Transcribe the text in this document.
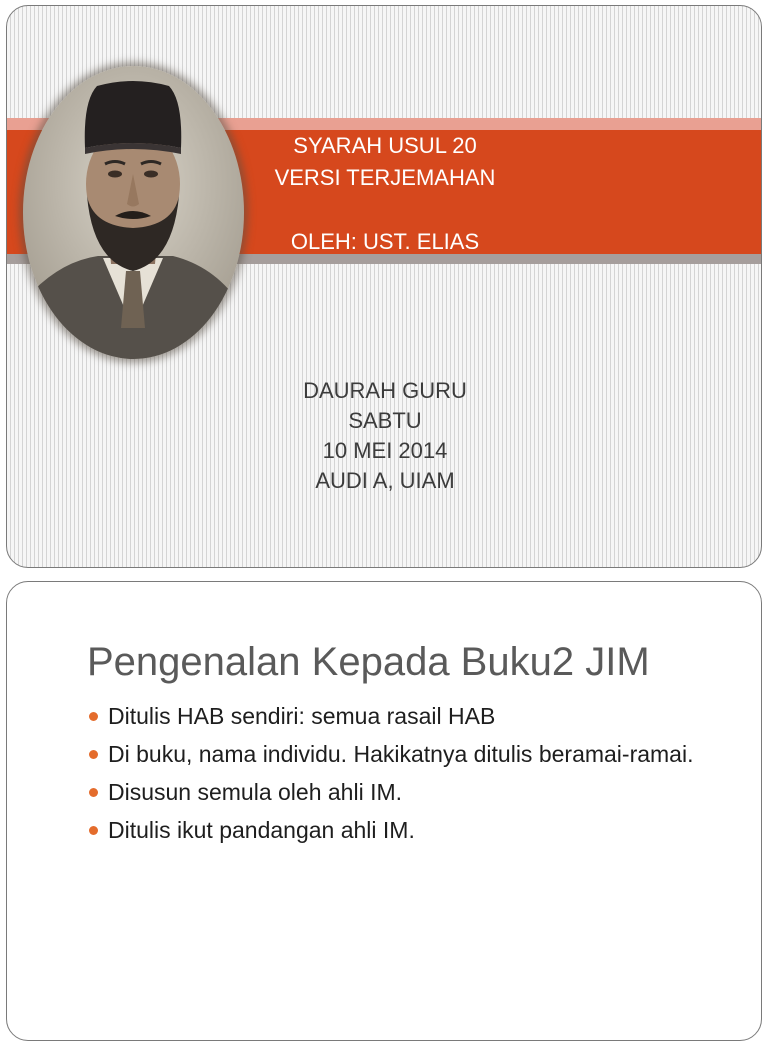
SYARAH USUL 20
VERSI TERJEMAHAN

OLEH: UST. ELIAS
DAURAH GURU
SABTU
10 MEI 2014
AUDI A, UIAM
Pengenalan Kepada Buku2 JIM
Ditulis HAB sendiri: semua rasail HAB
Di buku, nama individu. Hakikatnya ditulis beramai-ramai.
Disusun semula oleh ahli IM.
Ditulis ikut pandangan ahli IM.
